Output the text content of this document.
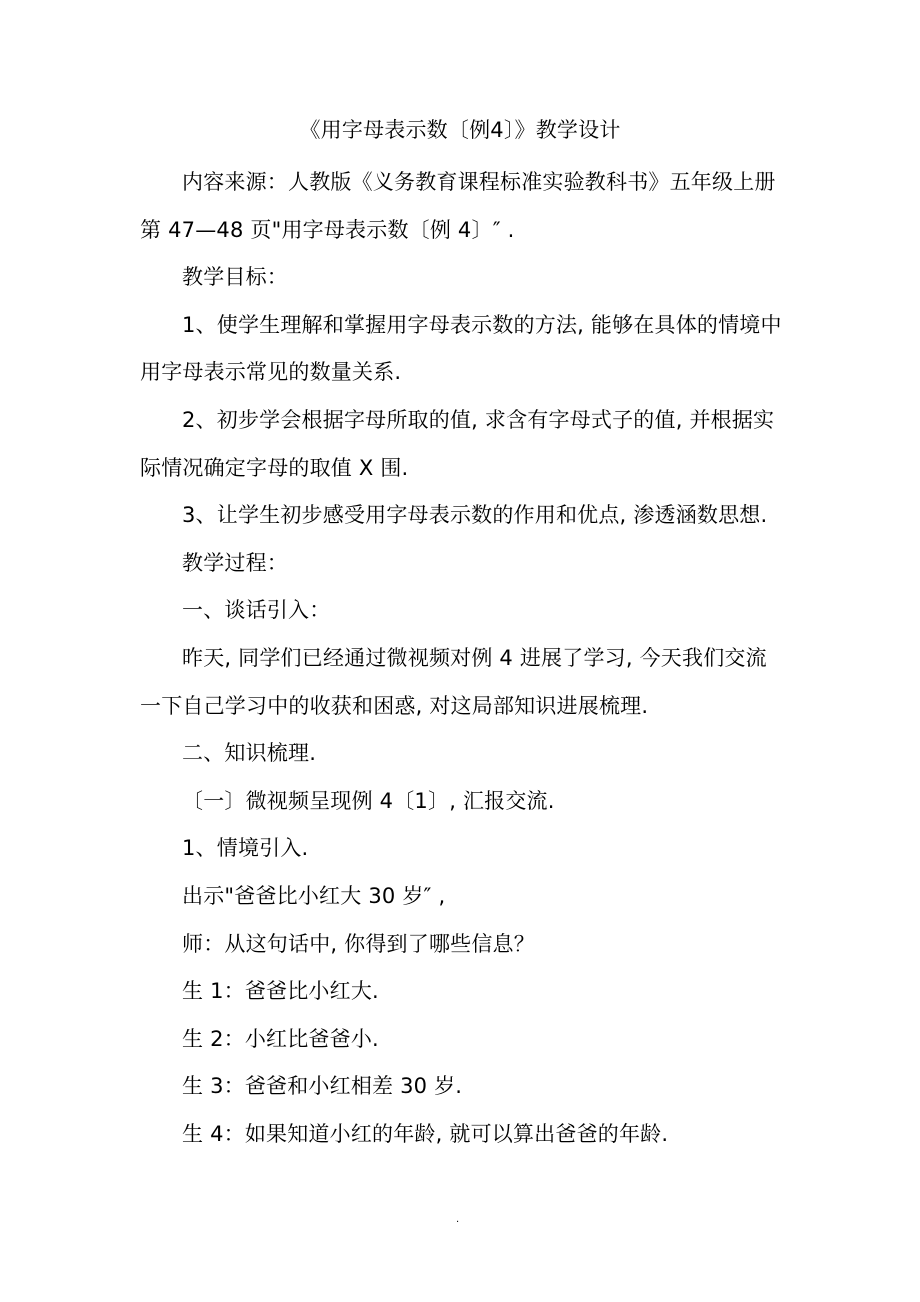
《用字母表示数〔例4〕》教学设计
内容来源：人教版《义务教育课程标准实验教科书》五年级上册
第 47—48 页"用字母表示数〔例 4〕″ .
教学目标：
1、使学生理解和掌握用字母表示数的方法, 能够在具体的情境中
用字母表示常见的数量关系.
2、初步学会根据字母所取的值, 求含有字母式子的值, 并根据实
际情况确定字母的取值 X 围.
3、让学生初步感受用字母表示数的作用和优点, 渗透涵数思想.
教学过程：
一、谈话引入：
昨天, 同学们已经通过微视频对例 4 进展了学习, 今天我们交流
一下自己学习中的收获和困惑, 对这局部知识进展梳理.
二、知识梳理.
〔一〕微视频呈现例 4〔1〕, 汇报交流.
1、情境引入.
出示"爸爸比小红大 30 岁″ ,
师：从这句话中, 你得到了哪些信息？
生 1：爸爸比小红大.
生 2：小红比爸爸小.
生 3：爸爸和小红相差 30 岁.
生 4：如果知道小红的年龄, 就可以算出爸爸的年龄.
.
